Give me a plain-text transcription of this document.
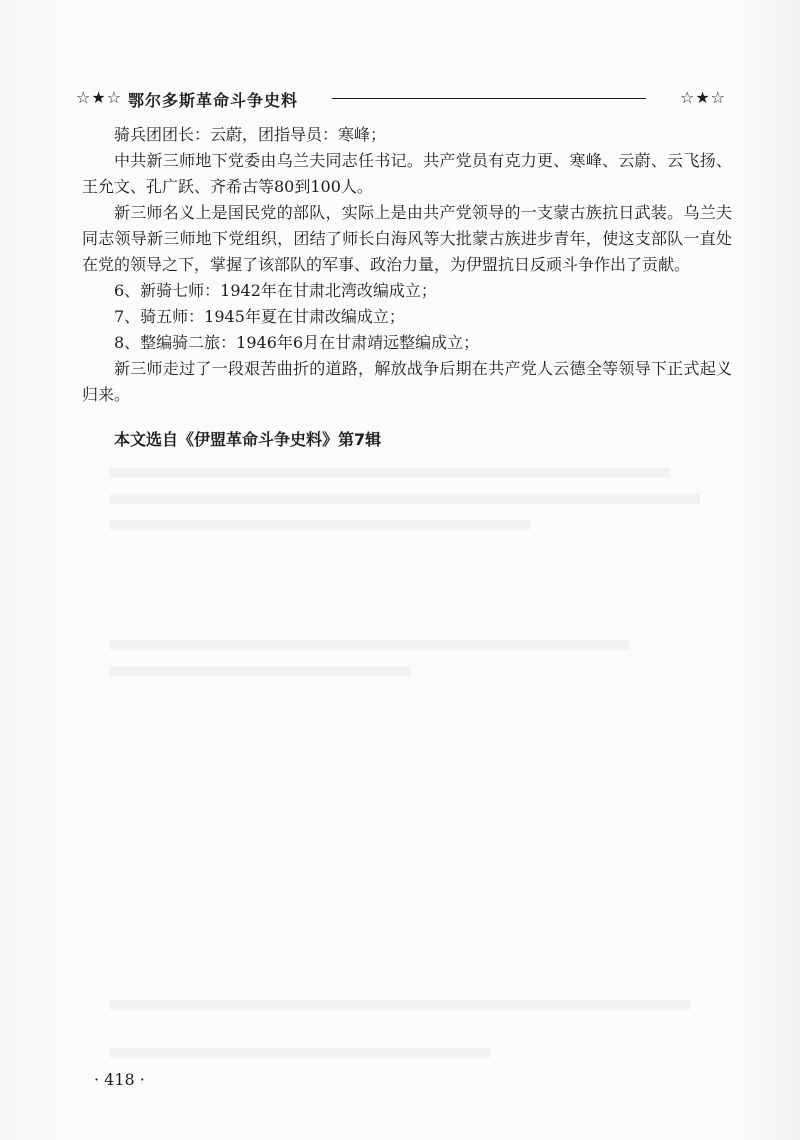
☆★☆ 鄂尔多斯革命斗争史料	☆★☆

骑兵团团长：云蔚，团指导员：寒峰；

中共新三师地下党委由乌兰夫同志任书记。共产党员有克力更、寒峰、云蔚、云飞扬、王允文、孔广跃、齐希古等80到100人。

新三师名义上是国民党的部队，实际上是由共产党领导的一支蒙古族抗日武装。乌兰夫同志领导新三师地下党组织，团结了师长白海风等大批蒙古族进步青年，使这支部队一直处在党的领导之下，掌握了该部队的军事、政治力量，为伊盟抗日反顽斗争作出了贡献。

6、新骑七师：1942年在甘肃北湾改编成立；

7、骑五师：1945年夏在甘肃改编成立；

8、整编骑二旅：1946年6月在甘肃靖远整编成立；

新三师走过了一段艰苦曲折的道路，解放战争后期在共产党人云德全等领导下正式起义归来。

本文选自《伊盟革命斗争史料》第7辑
· 418 ·
